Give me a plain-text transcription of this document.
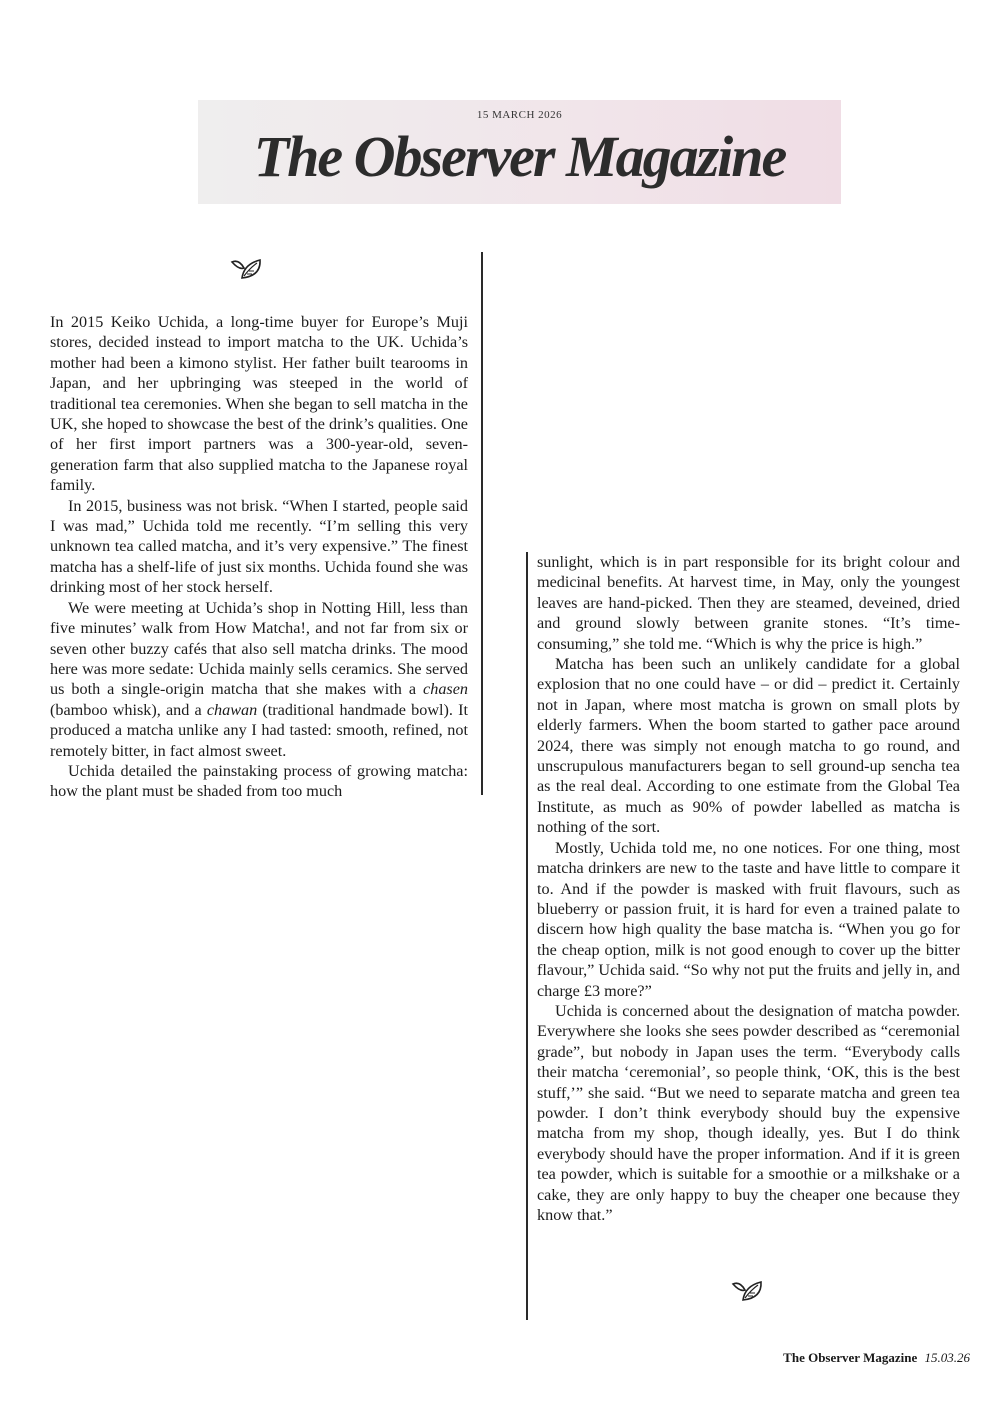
15 MARCH 2026
The Observer Magazine

In 2015 Keiko Uchida, a long-time buyer for Europe’s Muji stores, decided instead to import matcha to the UK. Uchida’s mother had been a kimono stylist. Her father built tearooms in Japan, and her upbringing was steeped in the world of traditional tea ceremonies. When she began to sell matcha in the UK, she hoped to showcase the best of the drink’s qualities. One of her first import partners was a 300-year-old, seven-generation farm that also supplied matcha to the Japanese royal family.

In 2015, business was not brisk. “When I started, people said I was mad,” Uchida told me recently. “I’m selling this very unknown tea called matcha, and it’s very expensive.” The finest matcha has a shelf-life of just six months. Uchida found she was drinking most of her stock herself.

We were meeting at Uchida’s shop in Notting Hill, less than five minutes’ walk from How Matcha!, and not far from six or seven other buzzy cafés that also sell matcha drinks. The mood here was more sedate: Uchida mainly sells ceramics. She served us both a single-origin matcha that she makes with a chasen (bamboo whisk), and a chawan (traditional handmade bowl). It produced a matcha unlike any I had tasted: smooth, refined, not remotely bitter, in fact almost sweet.

Uchida detailed the painstaking process of growing matcha: how the plant must be shaded from too much

sunlight, which is in part responsible for its bright colour and medicinal benefits. At harvest time, in May, only the youngest leaves are hand-picked. Then they are steamed, deveined, dried and ground slowly between granite stones. “It’s time-consuming,” she told me. “Which is why the price is high.”

Matcha has been such an unlikely candidate for a global explosion that no one could have – or did – predict it. Certainly not in Japan, where most matcha is grown on small plots by elderly farmers. When the boom started to gather pace around 2024, there was simply not enough matcha to go round, and unscrupulous manufacturers began to sell ground-up sencha tea as the real deal. According to one estimate from the Global Tea Institute, as much as 90% of powder labelled as matcha is nothing of the sort.

Mostly, Uchida told me, no one notices. For one thing, most matcha drinkers are new to the taste and have little to compare it to. And if the powder is masked with fruit flavours, such as blueberry or passion fruit, it is hard for even a trained palate to discern how high quality the base matcha is. “When you go for the cheap option, milk is not good enough to cover up the bitter flavour,” Uchida said. “So why not put the fruits and jelly in, and charge £3 more?”

Uchida is concerned about the designation of matcha powder. Everywhere she looks she sees powder described as “ceremonial grade”, but nobody in Japan uses the term. “Everybody calls their matcha ‘ceremonial’, so people think, ‘OK, this is the best stuff,’” she said. “But we need to separate matcha and green tea powder. I don’t think everybody should buy the expensive matcha from my shop, though ideally, yes. But I do think everybody should have the proper information. And if it is green tea powder, which is suitable for a smoothie or a milkshake or a cake, they are only happy to buy the cheaper one because they know that.”

The Observer Magazine 15.03.26
